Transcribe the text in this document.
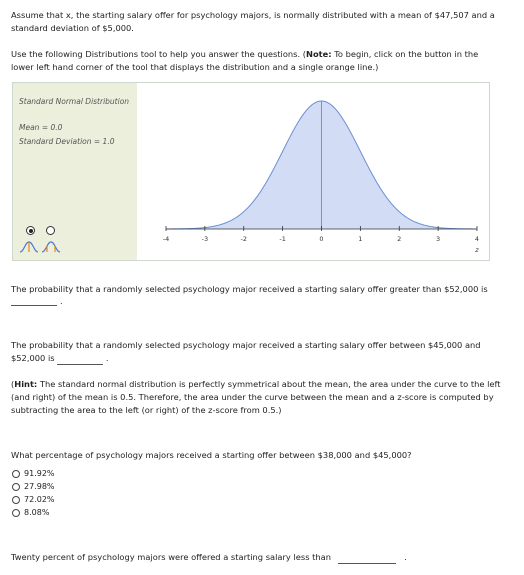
Assume that x, the starting salary offer for psychology majors, is normally distributed with a mean of $47,507 and a standard deviation of $5,000.
Use the following Distributions tool to help you answer the questions. (Note: To begin, click on the button in the lower left hand corner of the tool that displays the distribution and a single orange line.)
Standard Normal Distribution
Mean = 0.0
Standard Deviation = 1.0
-4	-3	-2	-1	0	1	2	3	4
z
The probability that a randomly selected psychology major received a starting salary offer greater than $52,000 is
.
The probability that a randomly selected psychology major received a starting salary offer between $45,000 and $52,000 is	.
(Hint: The standard normal distribution is perfectly symmetrical about the mean, the area under the curve to the left (and right) of the mean is 0.5. Therefore, the area under the curve between the mean and a z-score is computed by subtracting the area to the left (or right) of the z-score from 0.5.)
What percentage of psychology majors received a starting offer between $38,000 and $45,000?
91.92%
27.98%
72.02%
8.08%
Twenty percent of psychology majors were offered a starting salary less than	.
